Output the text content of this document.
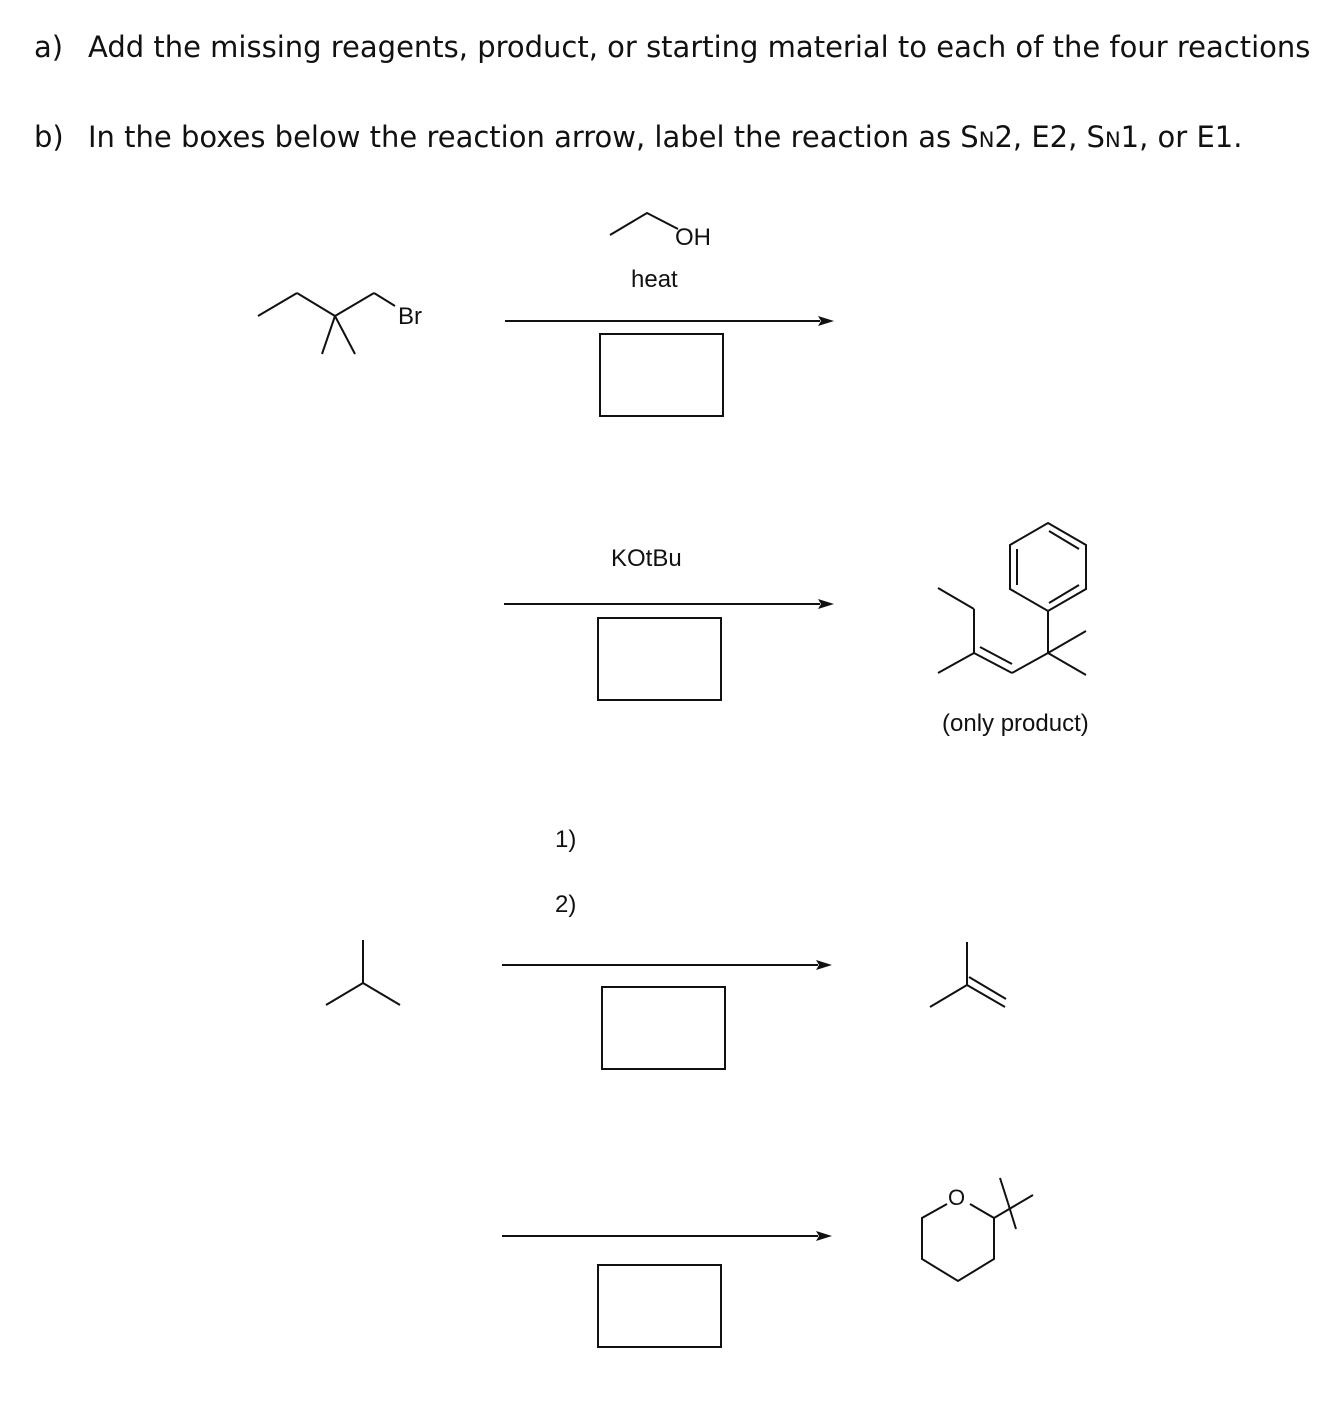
a) Add the missing reagents, product, or starting material to each of the four reactions
b) In the boxes below the reaction arrow, label the reaction as SN2, E2, SN1, or E1.
OH
heat
Br
KOtBu
(only product)
1)
2)
O
